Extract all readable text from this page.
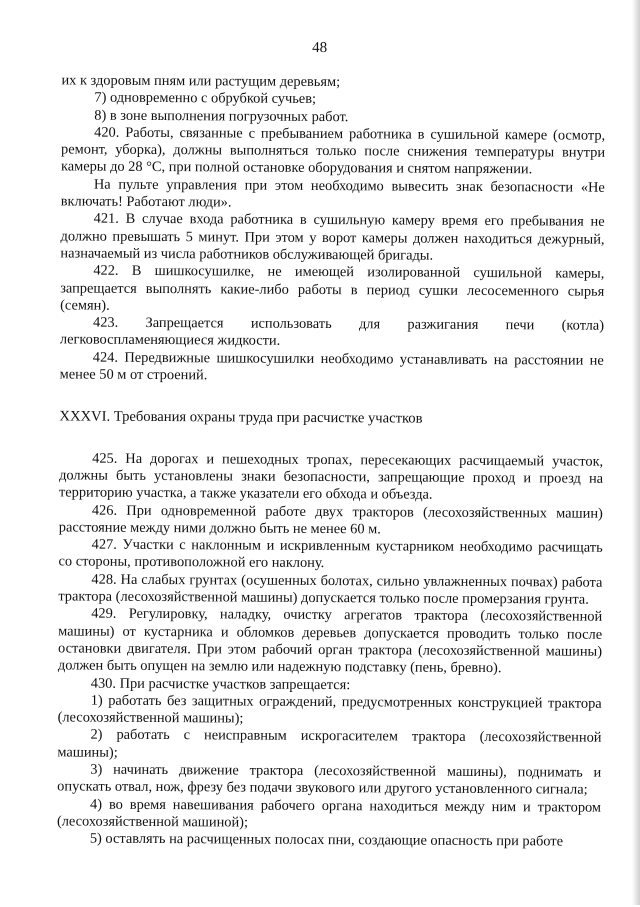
48

их к здоровым пням или растущим деревьям;

7) одновременно с обрубкой сучьев;

8) в зоне выполнения погрузочных работ.

420. Работы, связанные с пребыванием работника в сушильной камере (осмотр, ремонт, уборка), должны выполняться только после снижения температуры внутри камеры до 28 °C, при полной остановке оборудования и снятом напряжении.

На пульте управления при этом необходимо вывесить знак безопасности «Не включать! Работают люди».

421. В случае входа работника в сушильную камеру время его пребывания не должно превышать 5 минут. При этом у ворот камеры должен находиться дежурный, назначаемый из числа работников обслуживающей бригады.

422. В шишкосушилке, не имеющей изолированной сушильной камеры, запрещается выполнять какие-либо работы в период сушки лесосеменного сырья (семян).

423. Запрещается использовать для разжигания печи (котла) легковоспламеняющиеся жидкости.

424. Передвижные шишкосушилки необходимо устанавливать на расстоянии не менее 50 м от строений.

XXXVI. Требования охраны труда при расчистке участков

425. На дорогах и пешеходных тропах, пересекающих расчищаемый участок, должны быть установлены знаки безопасности, запрещающие проход и проезд на территорию участка, а также указатели его обхода и объезда.

426. При одновременной работе двух тракторов (лесохозяйственных машин) расстояние между ними должно быть не менее 60 м.

427. Участки с наклонным и искривленным кустарником необходимо расчищать со стороны, противоположной его наклону.

428. На слабых грунтах (осушенных болотах, сильно увлажненных почвах) работа трактора (лесохозяйственной машины) допускается только после промерзания грунта.

429. Регулировку, наладку, очистку агрегатов трактора (лесохозяйственной машины) от кустарника и обломков деревьев допускается проводить только после остановки двигателя. При этом рабочий орган трактора (лесохозяйственной машины) должен быть опущен на землю или надежную подставку (пень, бревно).

430. При расчистке участков запрещается:

1) работать без защитных ограждений, предусмотренных конструкцией трактора (лесохозяйственной машины);

2) работать с неисправным искрогасителем трактора (лесохозяйственной машины);

3) начинать движение трактора (лесохозяйственной машины), поднимать и опускать отвал, нож, фрезу без подачи звукового или другого установленного сигнала;

4) во время навешивания рабочего органа находиться между ним и трактором (лесохозяйственной машиной);

5) оставлять на расчищенных полосах пни, создающие опасность при работе
